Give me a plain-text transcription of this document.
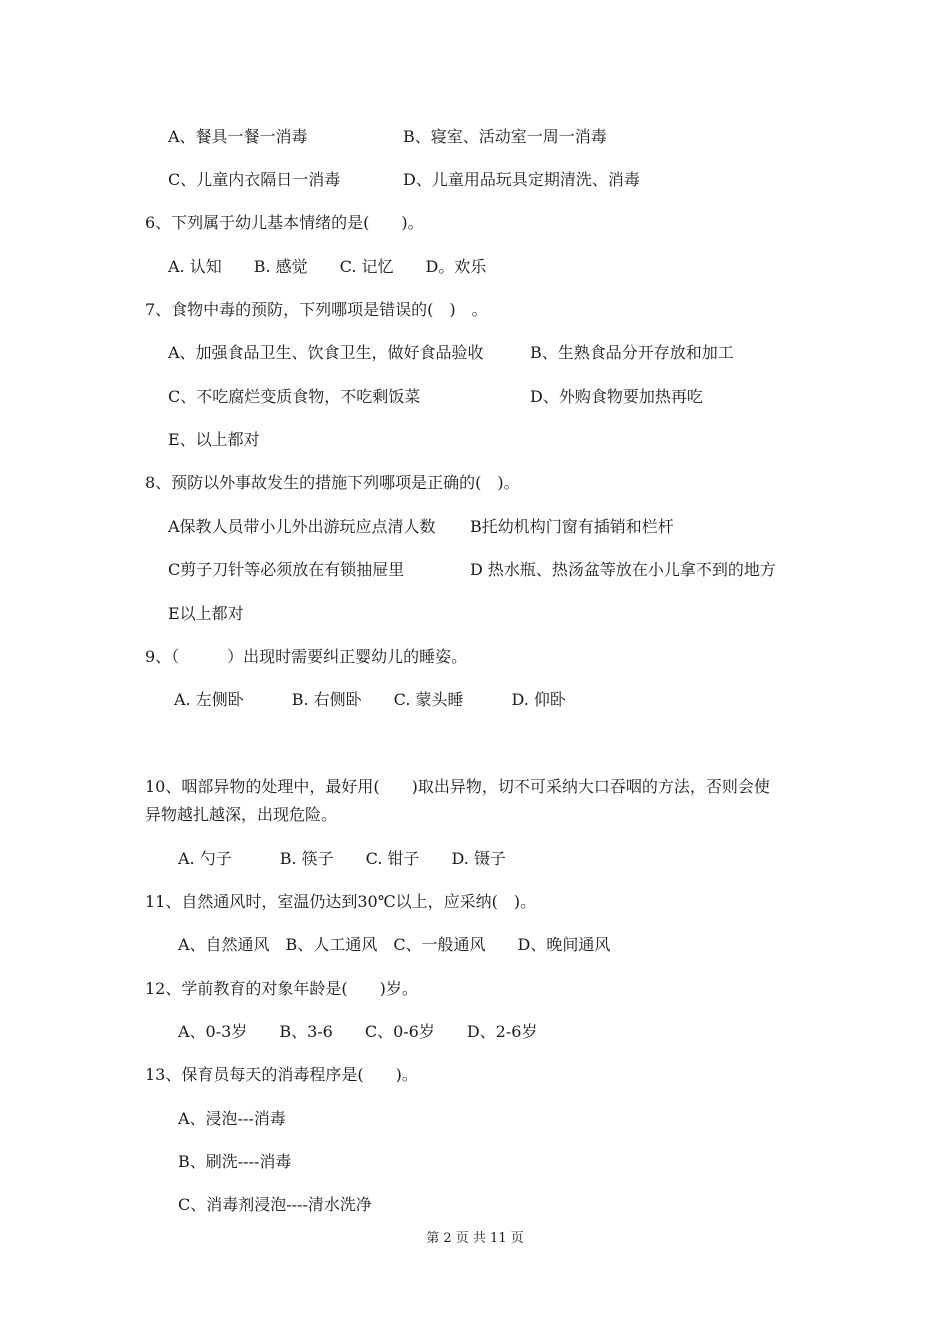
A、餐具一餐一消毒	B、寝室、活动室一周一消毒
C、儿童内衣隔日一消毒	D、儿童用品玩具定期清洗、消毒
6、下列属于幼儿基本情绪的是(　　)。
A. 认知　　B. 感觉　　C. 记忆　　D。欢乐
7、食物中毒的预防，下列哪项是错误的(　)　。
A、加强食品卫生、饮食卫生，做好食品验收	B、生熟食品分开存放和加工
C、不吃腐烂变质食物，不吃剩饭菜	D、外购食物要加热再吃
E、以上都对
8、预防以外事故发生的措施下列哪项是正确的(　)。
A保教人员带小儿外出游玩应点清人数 B托幼机构门窗有插销和栏杆
C剪子刀针等必须放在有锁抽屉里	D 热水瓶、热汤盆等放在小儿拿不到的地方
E以上都对
9、（　　　）出现时需要纠正婴幼儿的睡姿。
A. 左侧卧　　　B. 右侧卧　　C. 蒙头睡　　　D. 仰卧
10、咽部异物的处理中，最好用(　　)取出异物，切不可采纳大口吞咽的方法，否则会使
异物越扎越深，出现危险。
A. 勺子　　　B. 筷子　　C. 钳子　　D. 镊子
11、自然通风时，室温仍达到30℃以上，应采纳(　)。
A、自然通风　B、人工通风　C、一般通风　　D、晚间通风
12、学前教育的对象年龄是(　　)岁。
A、0-3岁　　B、3-6　　C、0-6岁　　D、2-6岁
13、保育员每天的消毒程序是(　　)。
A、浸泡---消毒
B、刷洗----消毒
C、消毒剂浸泡----清水洗净
第 2 页 共 11 页
